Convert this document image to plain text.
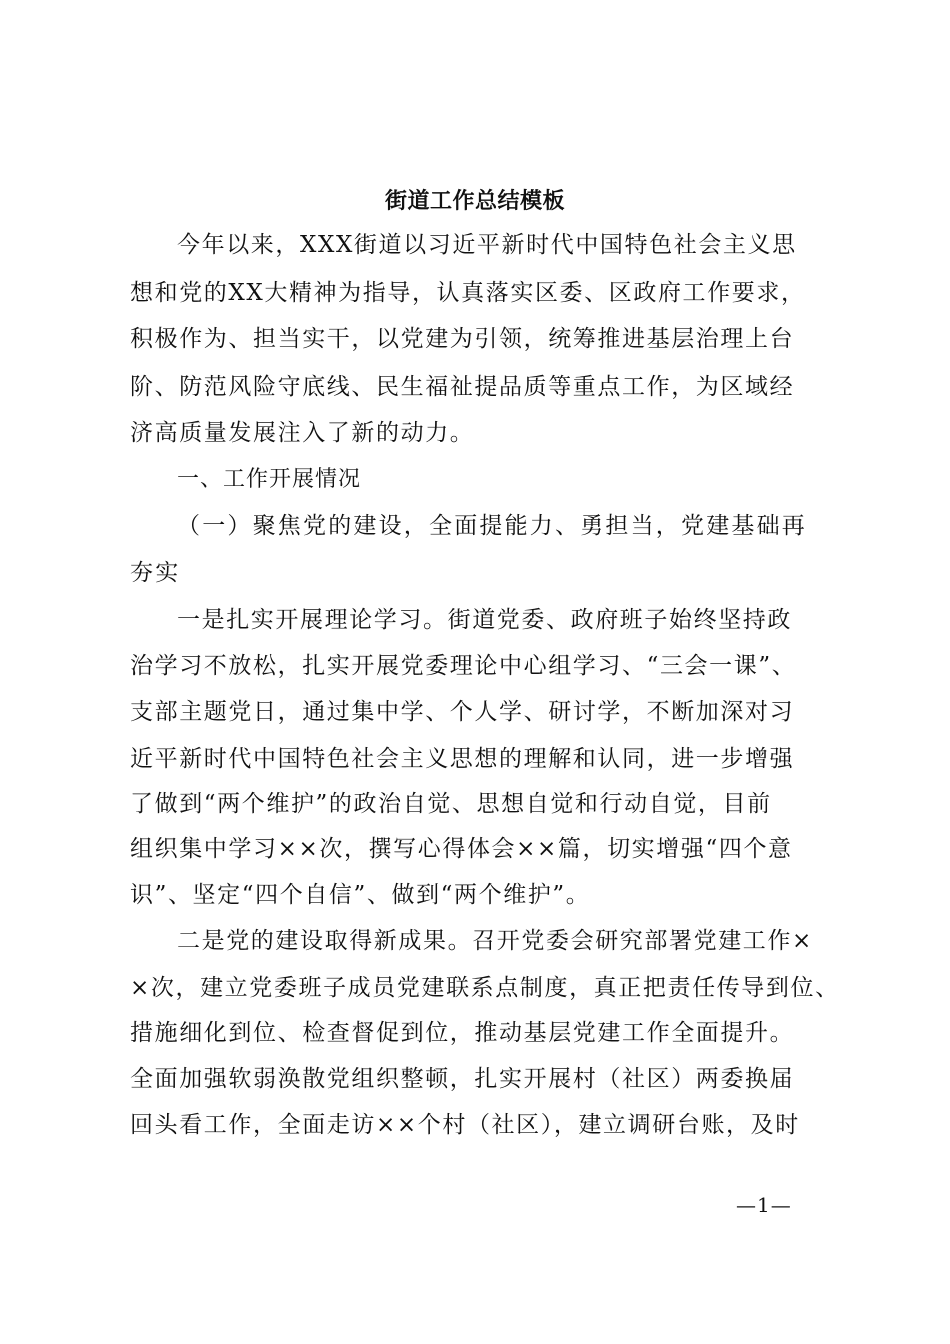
街道工作总结模板
今年以来，XXX街道以习近平新时代中国特色社会主义思
想和党的XX大精神为指导，认真落实区委、区政府工作要求，
积极作为、担当实干，以党建为引领，统筹推进基层治理上台
阶、防范风险守底线、民生福祉提品质等重点工作，为区域经
济高质量发展注入了新的动力。
一、工作开展情况
（一）聚焦党的建设，全面提能力、勇担当，党建基础再
夯实
一是扎实开展理论学习。街道党委、政府班子始终坚持政
治学习不放松，扎实开展党委理论中心组学习、“三会一课”、
支部主题党日，通过集中学、个人学、研讨学，不断加深对习
近平新时代中国特色社会主义思想的理解和认同，进一步增强
了做到“两个维护”的政治自觉、思想自觉和行动自觉，目前
组织集中学习××次，撰写心得体会××篇，切实增强“四个意
识”、坚定“四个自信”、做到“两个维护”。
二是党的建设取得新成果。召开党委会研究部署党建工作×
×次，建立党委班子成员党建联系点制度，真正把责任传导到位、
措施细化到位、检查督促到位，推动基层党建工作全面提升。
全面加强软弱涣散党组织整顿，扎实开展村（社区）两委换届
回头看工作，全面走访××个村（社区），建立调研台账，及时
—1—
